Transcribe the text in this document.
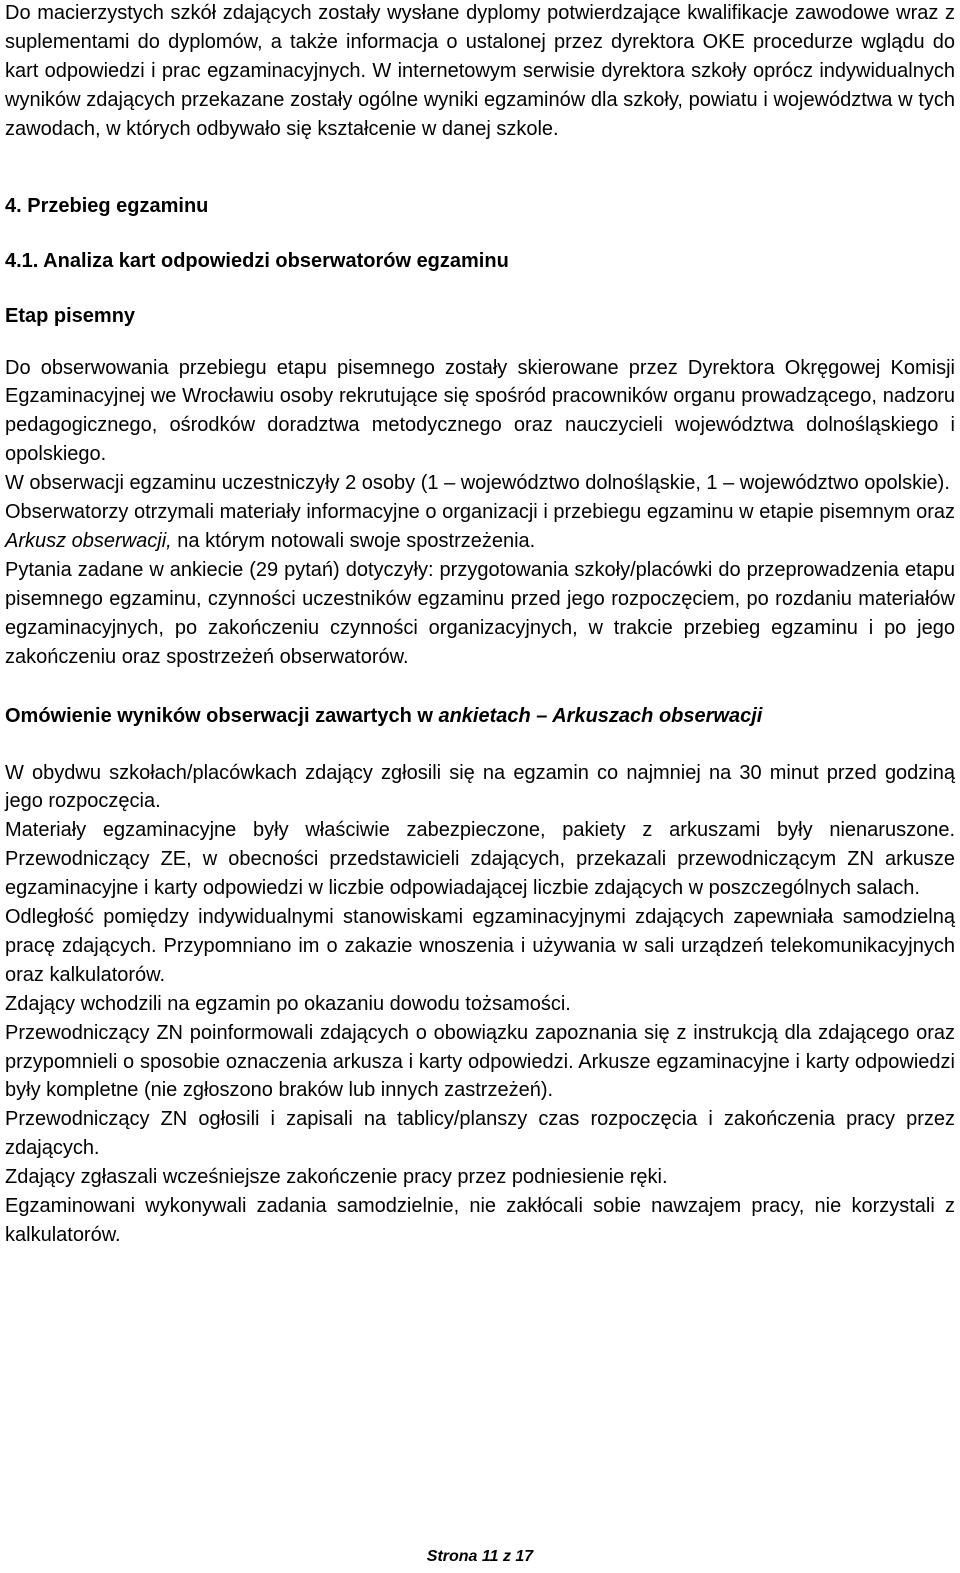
Do macierzystych szkół zdających zostały wysłane dyplomy potwierdzające kwalifikacje zawodowe wraz z suplementami do dyplomów, a także informacja o ustalonej przez dyrektora OKE procedurze wglądu do kart odpowiedzi i prac egzaminacyjnych. W internetowym serwisie dyrektora szkoły oprócz indywidualnych wyników zdających przekazane zostały ogólne wyniki egzaminów dla szkoły, powiatu i województwa w tych zawodach, w których odbywało się kształcenie w danej szkole.

4. Przebieg egzaminu

4.1. Analiza kart odpowiedzi obserwatorów egzaminu

Etap pisemny

Do obserwowania przebiegu etapu pisemnego zostały skierowane przez Dyrektora Okręgowej Komisji Egzaminacyjnej we Wrocławiu osoby rekrutujące się spośród pracowników organu prowadzącego, nadzoru pedagogicznego, ośrodków doradztwa metodycznego oraz nauczycieli województwa dolnośląskiego i opolskiego.

W obserwacji egzaminu uczestniczyły 2 osoby (1 – województwo dolnośląskie, 1 – województwo opolskie).

Obserwatorzy otrzymali materiały informacyjne o organizacji i przebiegu egzaminu w etapie pisemnym oraz Arkusz obserwacji, na którym notowali swoje spostrzeżenia.

Pytania zadane w ankiecie (29 pytań) dotyczyły: przygotowania szkoły/placówki do przeprowadzenia etapu pisemnego egzaminu, czynności uczestników egzaminu przed jego rozpoczęciem, po rozdaniu materiałów egzaminacyjnych, po zakończeniu czynności organizacyjnych, w trakcie przebieg egzaminu i po jego zakończeniu oraz spostrzeżeń obserwatorów.

Omówienie wyników obserwacji zawartych w ankietach – Arkuszach obserwacji

W obydwu szkołach/placówkach zdający zgłosili się na egzamin co najmniej na 30 minut przed godziną jego rozpoczęcia.

Materiały egzaminacyjne były właściwie zabezpieczone, pakiety z arkuszami były nienaruszone. Przewodniczący ZE, w obecności przedstawicieli zdających, przekazali przewodniczącym ZN arkusze egzaminacyjne i karty odpowiedzi w liczbie odpowiadającej liczbie zdających w poszczególnych salach.

Odległość pomiędzy indywidualnymi stanowiskami egzaminacyjnymi zdających zapewniała samodzielną pracę zdających. Przypomniano im o zakazie wnoszenia i używania w sali urządzeń telekomunikacyjnych oraz kalkulatorów.

Zdający wchodzili na egzamin po okazaniu dowodu tożsamości.

Przewodniczący ZN poinformowali zdających o obowiązku zapoznania się z instrukcją dla zdającego oraz przypomnieli o sposobie oznaczenia arkusza i karty odpowiedzi. Arkusze egzaminacyjne i karty odpowiedzi były kompletne (nie zgłoszono braków lub innych zastrzeżeń).

Przewodniczący ZN ogłosili i zapisali na tablicy/planszy czas rozpoczęcia i zakończenia pracy przez zdających.

Zdający zgłaszali wcześniejsze zakończenie pracy przez podniesienie ręki.

Egzaminowani wykonywali zadania samodzielnie, nie zakłócali sobie nawzajem pracy, nie korzystali z kalkulatorów.

Strona 11 z 17
